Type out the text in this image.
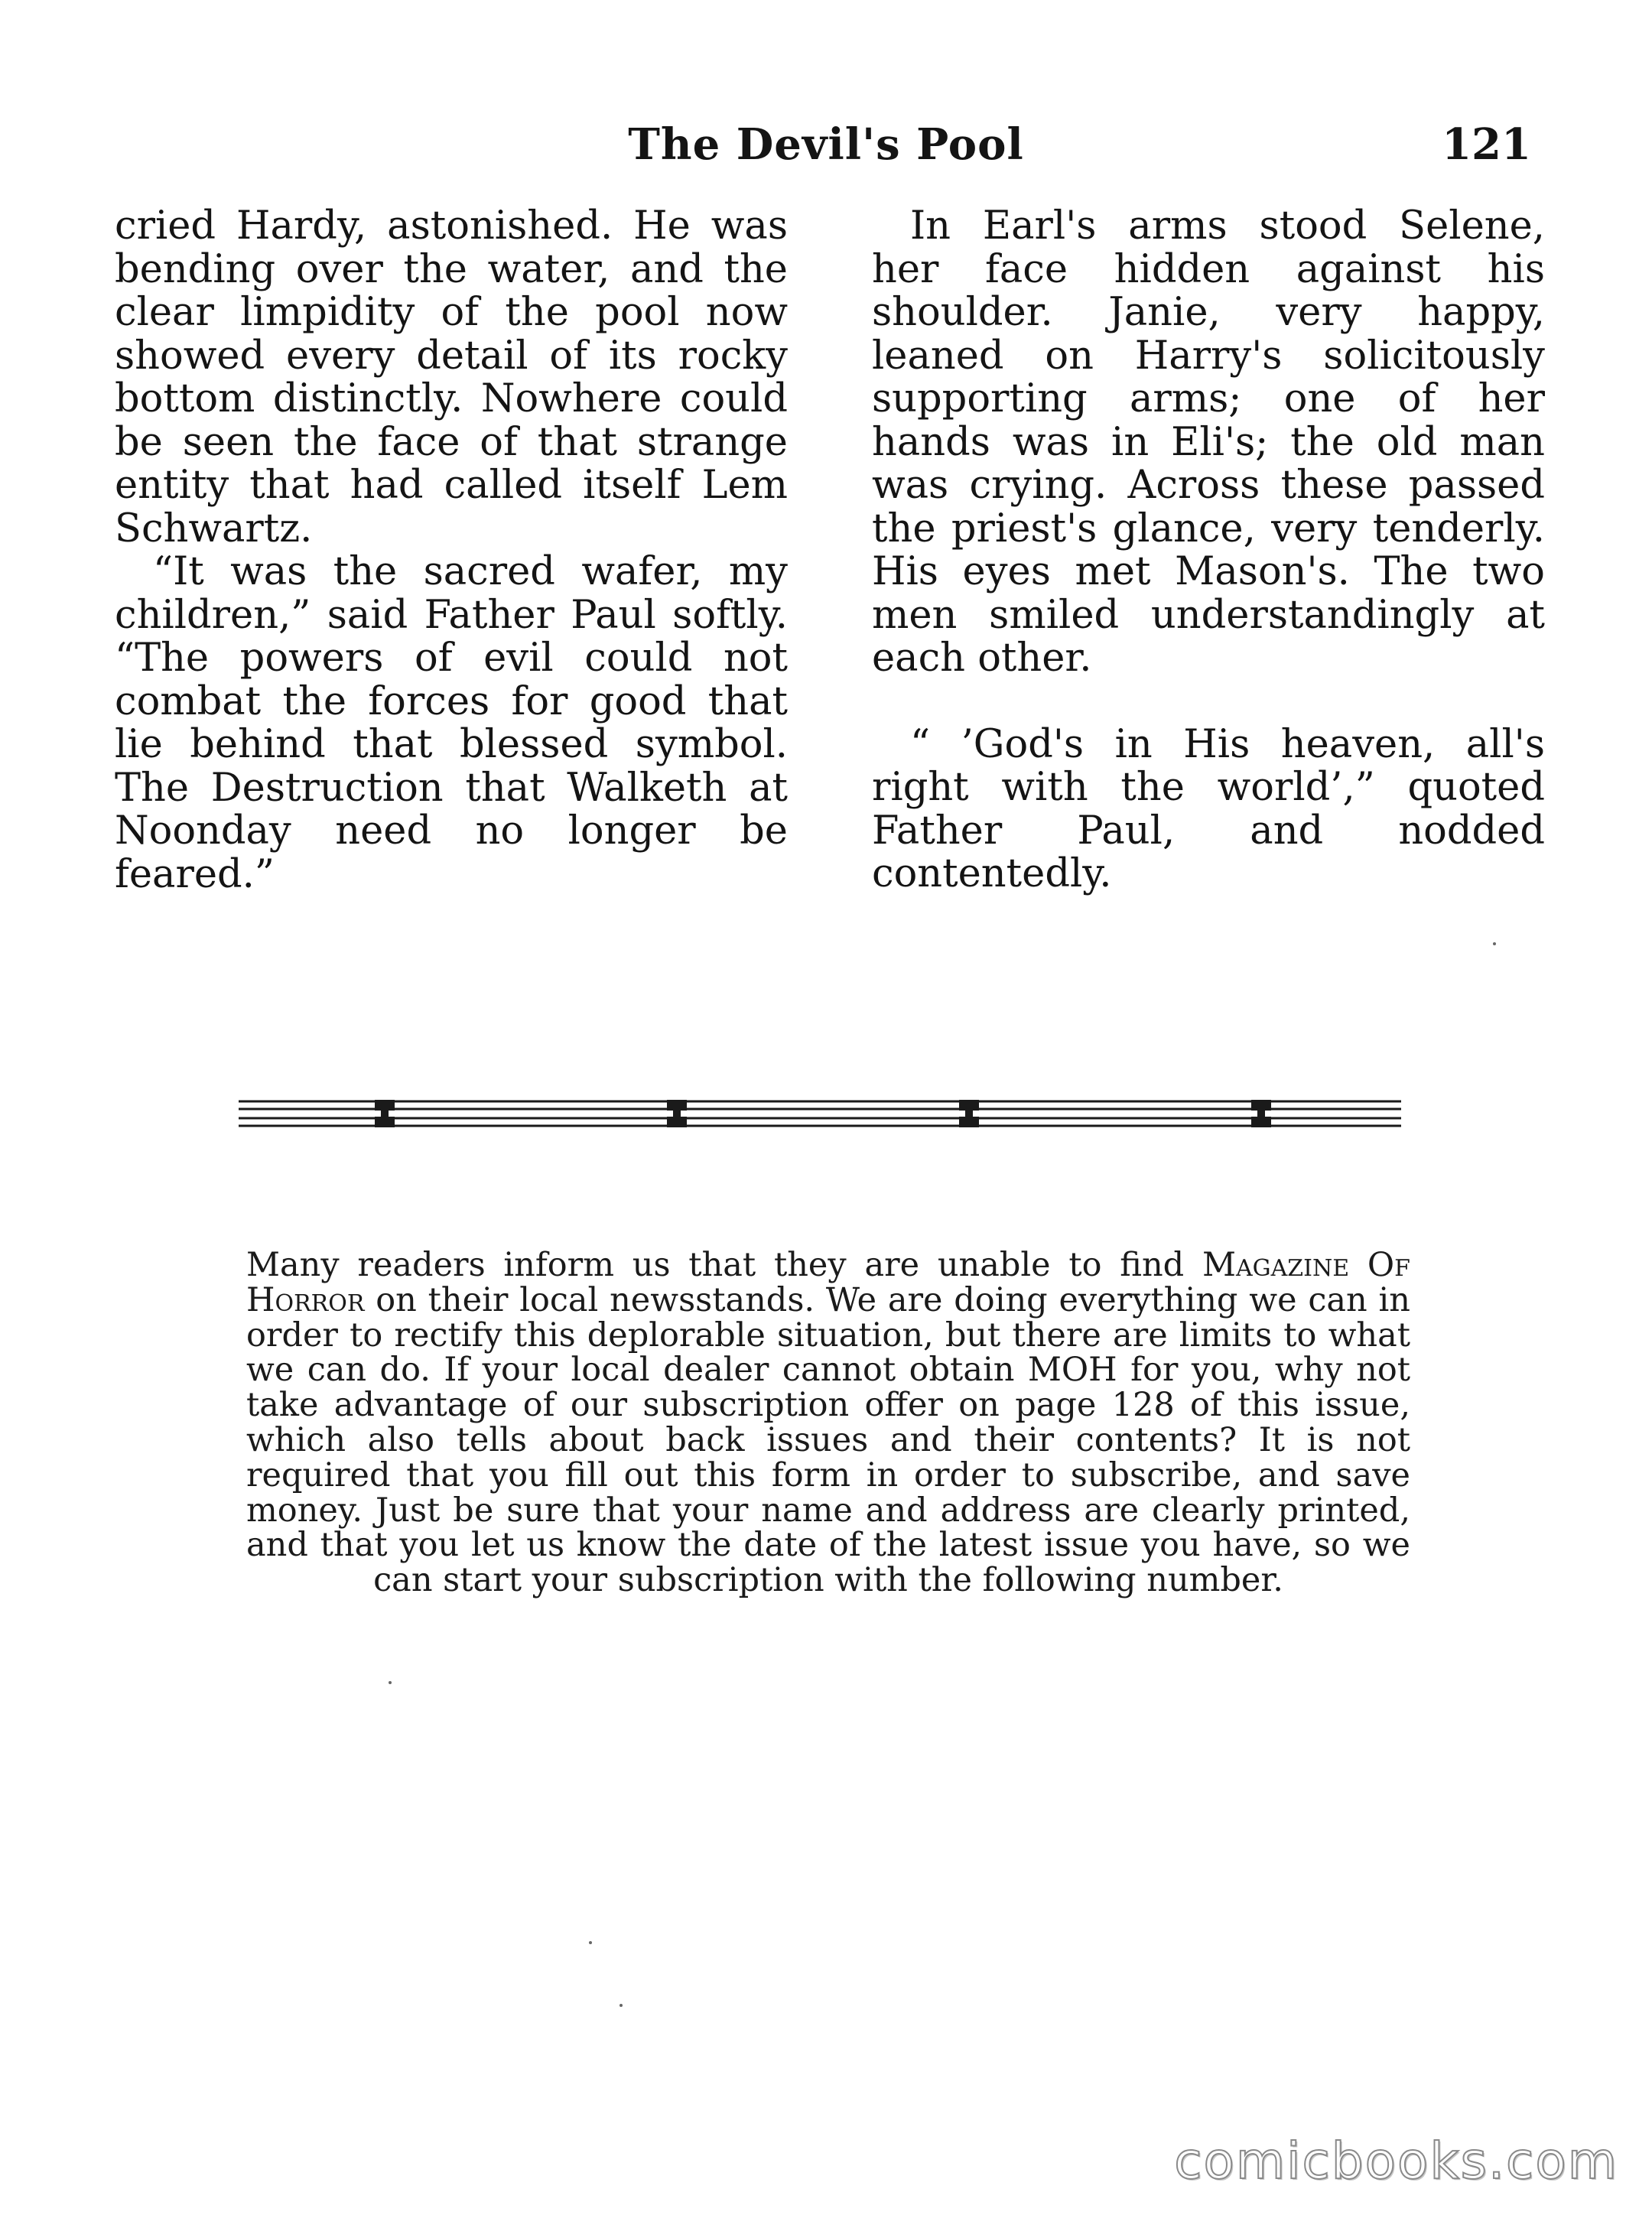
The Devil's Pool	121

cried Hardy, astonished. He was bending over the water, and the clear limpidity of the pool now showed every detail of its rocky bottom distinctly. Nowhere could be seen the face of that strange entity that had called itself Lem Schwartz.

“It was the sacred wafer, my children,” said Father Paul softly. “The powers of evil could not combat the forces for good that lie behind that blessed symbol. The Destruction that Walketh at Noonday need no longer be feared.”

In Earl's arms stood Selene, her face hidden against his shoulder. Janie, very happy, leaned on Harry's solicitously supporting arms; one of her hands was in Eli's; the old man was crying. Across these passed the priest's glance, very tenderly. His eyes met Mason's. The two men smiled understandingly at each other.

“ ’God's in His heaven, all's right with the world’,” quoted Father Paul, and nodded contentedly.

Many readers inform us that they are unable to find Magazine Of Horror on their local newsstands. We are doing everything we can in order to rectify this deplorable situation, but there are limits to what we can do. If your local dealer cannot obtain MOH for you, why not take advantage of our subscription offer on page 128 of this issue, which also tells about back issues and their contents? It is not required that you fill out this form in order to subscribe, and save money. Just be sure that your name and address are clearly printed, and that you let us know the date of the latest issue you have, so we can start your subscription with the following number.
comicbooks.com
